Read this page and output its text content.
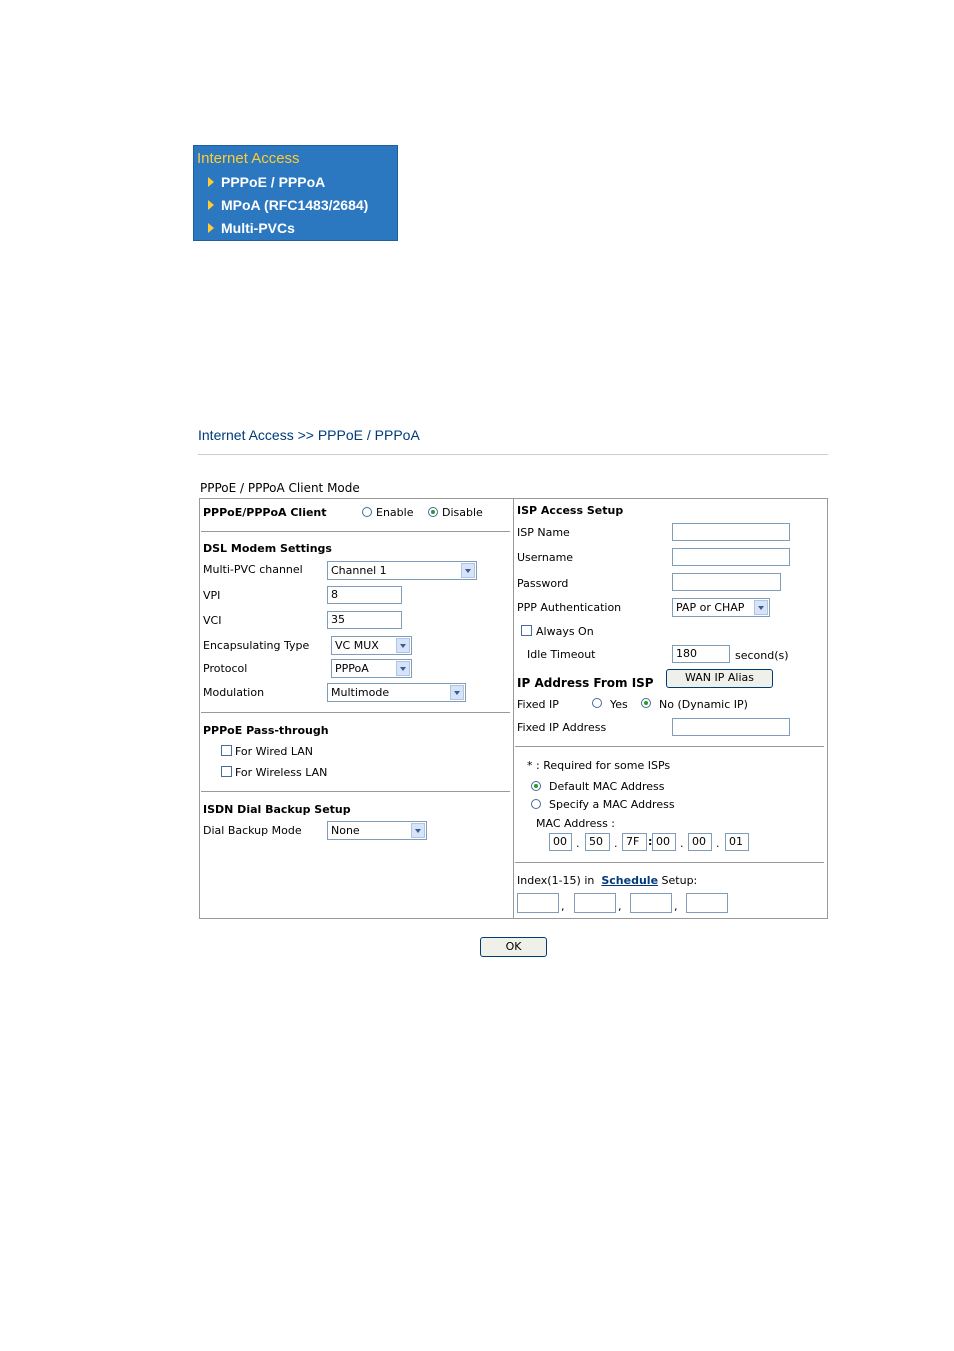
Internet Access
PPPoE / PPPoA
MPoA (RFC1483/2684)
Multi-PVCs
Internet Access >> PPPoE / PPPoA
PPPoE / PPPoA Client Mode
PPPoE/PPPoA Client	Enable	Disable
DSL Modem Settings
Multi-PVC channel	Channel 1
VPI	8
VCI	35
Encapsulating Type	VC MUX
Protocol	PPPoA
Modulation	Multimode
PPPoE Pass-through
For Wired LAN
For Wireless LAN
ISDN Dial Backup Setup
Dial Backup Mode	None
ISP Access Setup
ISP Name
Username
Password
PPP Authentication	PAP or CHAP
Always On
Idle Timeout	180	second(s)
IP Address From ISP	WAN IP Alias
Fixed IP	Yes	No (Dynamic IP)
Fixed IP Address
* : Required for some ISPs
Default MAC Address
Specify a MAC Address
MAC Address :
00 . 50	. 7F : 00 . 00 . 01
Index(1-15) in Schedule Setup:
,	,	,
OK
